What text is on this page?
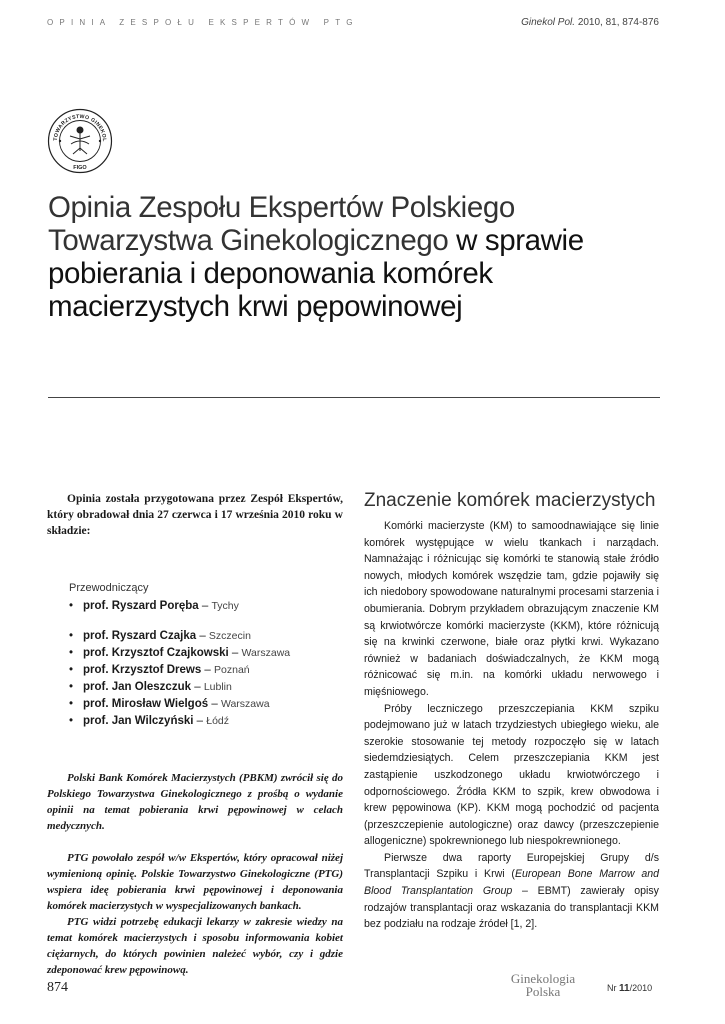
OPINIA ZESPOŁU EKSPERTÓW PTG	Ginekol Pol. 2010, 81, 874-876
TOWARZYSTWO GINEKOL
FIGO
Opinia Zespołu Ekspertów Polskiego Towarzystwa Ginekologicznego w sprawie pobierania i deponowania komórek macierzystych krwi pępowinowej

Opinia została przygotowana przez Zespół Ekspertów, który obradował dnia 27 czerwca i 17 września 2010 roku w składzie:

Przewodniczący
• prof. Ryszard Poręba – Tychy
• prof. Ryszard Czajka – Szczecin
• prof. Krzysztof Czajkowski – Warszawa
• prof. Krzysztof Drews – Poznań
• prof. Jan Oleszczuk – Lublin
• prof. Mirosław Wielgoś – Warszawa
• prof. Jan Wilczyński – Łódź

Polski Bank Komórek Macierzystych (PBKM) zwrócił się do Polskiego Towarzystwa Ginekologicznego z prośbą o wydanie opinii na temat pobierania krwi pępowinowej w celach medycznych.

PTG powołało zespół w/w Ekspertów, który opracował niżej wymienioną opinię. Polskie Towarzystwo Ginekologiczne (PTG) wspiera ideę pobierania krwi pępowinowej i deponowania komórek macierzystych w wyspecjalizowanych bankach.

PTG widzi potrzebę edukacji lekarzy w zakresie wiedzy na temat komórek macierzystych i sposobu informowania kobiet ciężarnych, do których powinien należeć wybór, czy i gdzie zdeponować krew pępowinową.

Znaczenie komórek macierzystych

Komórki macierzyste (KM) to samoodnawiające się linie komórek występujące w wielu tkankach i narządach. Namnażając i różnicując się komórki te stanowią stałe źródło nowych, młodych komórek wszędzie tam, gdzie pojawiły się ich niedobory spowodowane naturalnymi procesami starzenia i obumierania. Dobrym przykładem obrazującym znaczenie KM są krwiotwórcze komórki macierzyste (KKM), które różnicują się na krwinki czerwone, białe oraz płytki krwi. Wykazano również w badaniach doświadczalnych, że KKM mogą różnicować się m.in. na komórki układu nerwowego i mięśniowego.

Próby leczniczego przeszczepiania KKM szpiku podejmowano już w latach trzydziestych ubiegłego wieku, ale szerokie stosowanie tej metody rozpoczęło się w latach siedemdziesiątych. Celem przeszczepiania KKM jest zastąpienie uszkodzonego układu krwiotwórczego i odpornościowego. Źródła KKM to szpik, krew obwodowa i krew pępowinowa (KP). KKM mogą pochodzić od pacjenta (przeszczepienie autologiczne) oraz dawcy (przeszczepienie allogeniczne) spokrewnionego lub niespokrewnionego.

Pierwsze dwa raporty Europejskiej Grupy d/s Transplantacji Szpiku i Krwi (European Bone Marrow and Blood Transplantation Group – EBMT) zawierały opisy rodzajów transplantacji oraz wskazania do transplantacji KKM bez podziału na rodzaje źródeł [1, 2].

874
Ginekologia
Polska	Nr 11/2010
